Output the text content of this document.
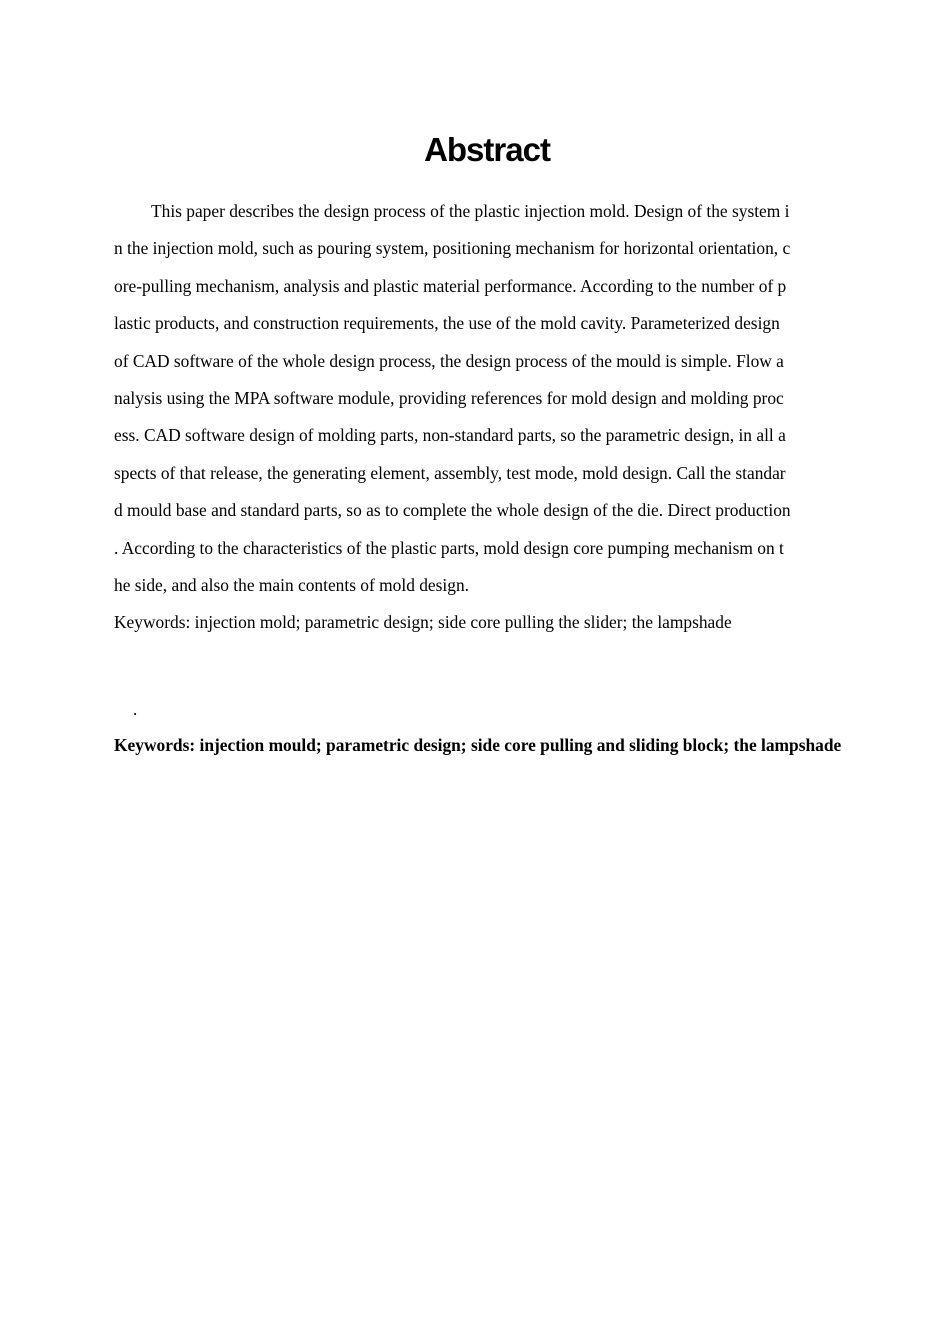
Abstract
This paper describes the design process of the plastic injection mold. Design of the system i
n the injection mold, such as pouring system, positioning mechanism for horizontal orientation, c
ore-pulling mechanism, analysis and plastic material performance. According to the number of p
lastic products, and construction requirements, the use of the mold cavity. Parameterized design
of CAD software of the whole design process, the design process of the mould is simple. Flow a
nalysis using the MPA software module, providing references for mold design and molding proc
ess. CAD software design of molding parts, non-standard parts, so the parametric design, in all a
spects of that release, the generating element, assembly, test mode, mold design. Call the standar
d mould base and standard parts, so as to complete the whole design of the die. Direct production
. According to the characteristics of the plastic parts, mold design core pumping mechanism on t
he side, and also the main contents of mold design.
Keywords: injection mold; parametric design; side core pulling the slider; the lampshade
.
Keywords: injection mould; parametric design; side core pulling and sliding block; the lampshade
